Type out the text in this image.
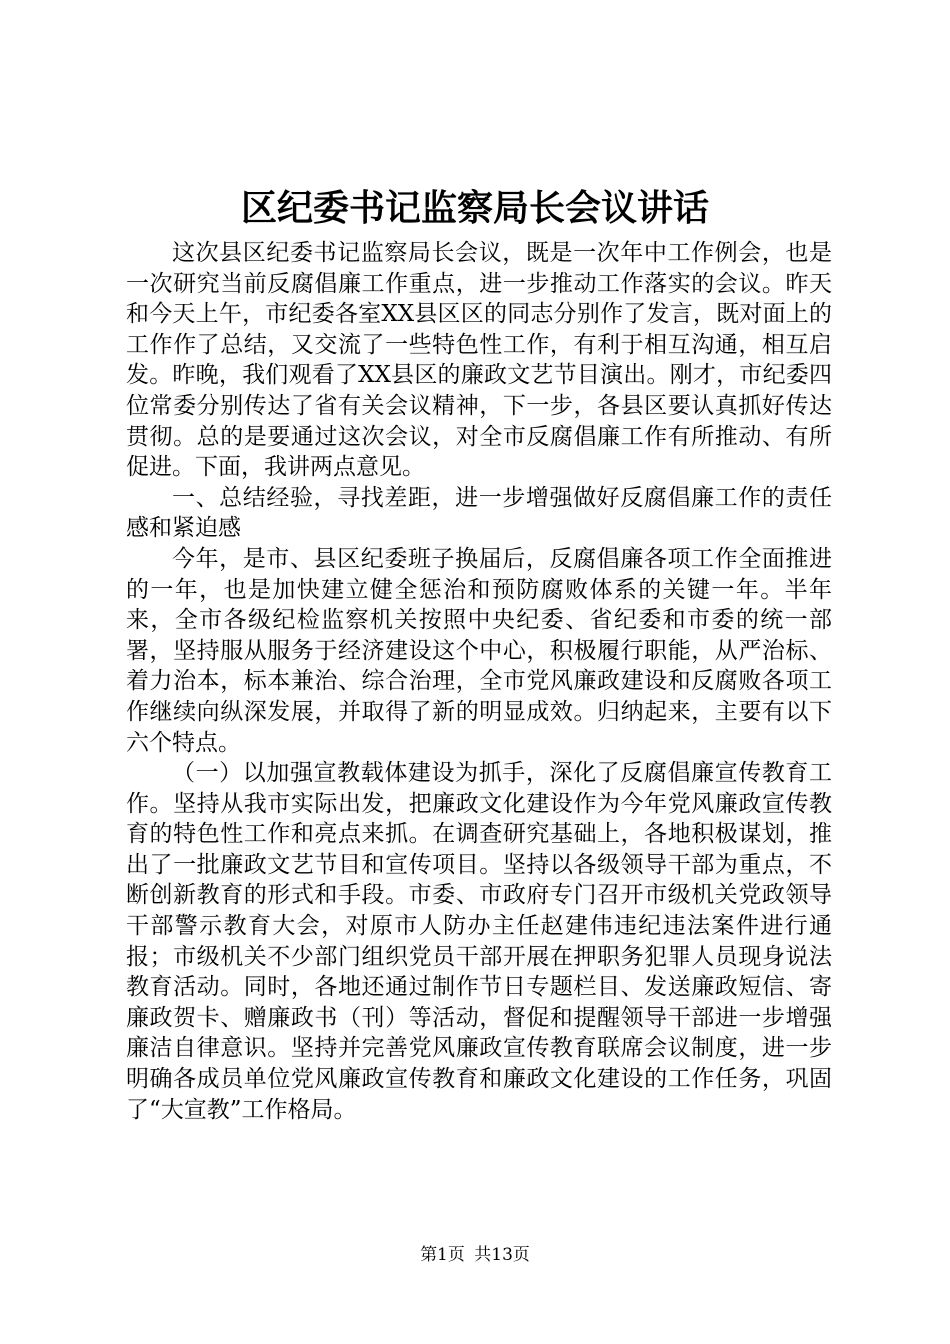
区纪委书记监察局长会议讲话

这次县区纪委书记监察局长会议，既是一次年中工作例会，也是一次研究当前反腐倡廉工作重点，进一步推动工作落实的会议。昨天和今天上午，市纪委各室XX县区区的同志分别作了发言，既对面上的工作作了总结，又交流了一些特色性工作，有利于相互沟通，相互启发。昨晚，我们观看了XX县区的廉政文艺节目演出。刚才，市纪委四位常委分别传达了省有关会议精神，下一步，各县区要认真抓好传达贯彻。总的是要通过这次会议，对全市反腐倡廉工作有所推动、有所促进。下面，我讲两点意见。

一、总结经验，寻找差距，进一步增强做好反腐倡廉工作的责任感和紧迫感

今年，是市、县区纪委班子换届后，反腐倡廉各项工作全面推进的一年，也是加快建立健全惩治和预防腐败体系的关键一年。半年来，全市各级纪检监察机关按照中央纪委、省纪委和市委的统一部署，坚持服从服务于经济建设这个中心，积极履行职能，从严治标、着力治本，标本兼治、综合治理，全市党风廉政建设和反腐败各项工作继续向纵深发展，并取得了新的明显成效。归纳起来，主要有以下六个特点。

（一）以加强宣教载体建设为抓手，深化了反腐倡廉宣传教育工作。坚持从我市实际出发，把廉政文化建设作为今年党风廉政宣传教育的特色性工作和亮点来抓。在调查研究基础上，各地积极谋划，推出了一批廉政文艺节目和宣传项目。坚持以各级领导干部为重点，不断创新教育的形式和手段。市委、市政府专门召开市级机关党政领导干部警示教育大会，对原市人防办主任赵建伟违纪违法案件进行通报；市级机关不少部门组织党员干部开展在押职务犯罪人员现身说法教育活动。同时，各地还通过制作节日专题栏目、发送廉政短信、寄廉政贺卡、赠廉政书（刊）等活动，督促和提醒领导干部进一步增强廉洁自律意识。坚持并完善党风廉政宣传教育联席会议制度，进一步明确各成员单位党风廉政宣传教育和廉政文化建设的工作任务，巩固了“大宣教”工作格局。

第1页 共13页
